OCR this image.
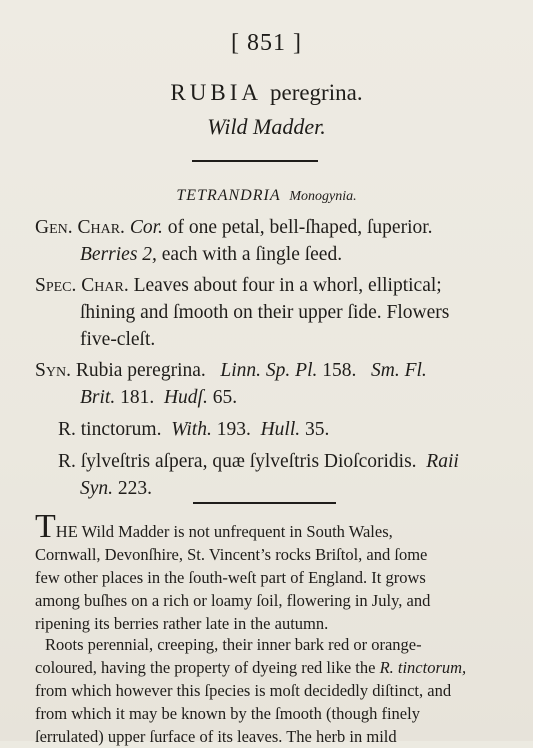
[ 851 ]
RUBIA peregrina.
Wild Madder.
TETRANDRIA Monogynia.
Gen. Char. Cor. of one petal, bell-ſhaped, ſuperior.
Berries 2, each with a ſingle ſeed.
Spec. Char. Leaves about four in a whorl, elliptical;
ſhining and ſmooth on their upper ſide. Flowers
five-cleſt.
Syn. Rubia peregrina. Linn. Sp. Pl. 158. Sm. Fl.
Brit. 181. Hudſ. 65.
R. tinctorum. With. 193. Hull. 35.
R. ſylveſtris aſpera, quæ ſylveſtris Dioſcoridis. Raii
Syn. 223.
THE Wild Madder is not unfrequent in South Wales,
Cornwall, Devonſhire, St. Vincent’s rocks Briſtol, and ſome
few other places in the ſouth-weſt part of England. It grows
among buſhes on a rich or loamy ſoil, flowering in July, and
ripening its berries rather late in the autumn.
Roots perennial, creeping, their inner bark red or orange-
coloured, having the property of dyeing red like the R. tinctorum,
from which however this ſpecies is moſt decidedly diſtinct, and
from which it may be known by the ſmooth (though finely
ſerrulated) upper ſurface of its leaves. The herb in mild
